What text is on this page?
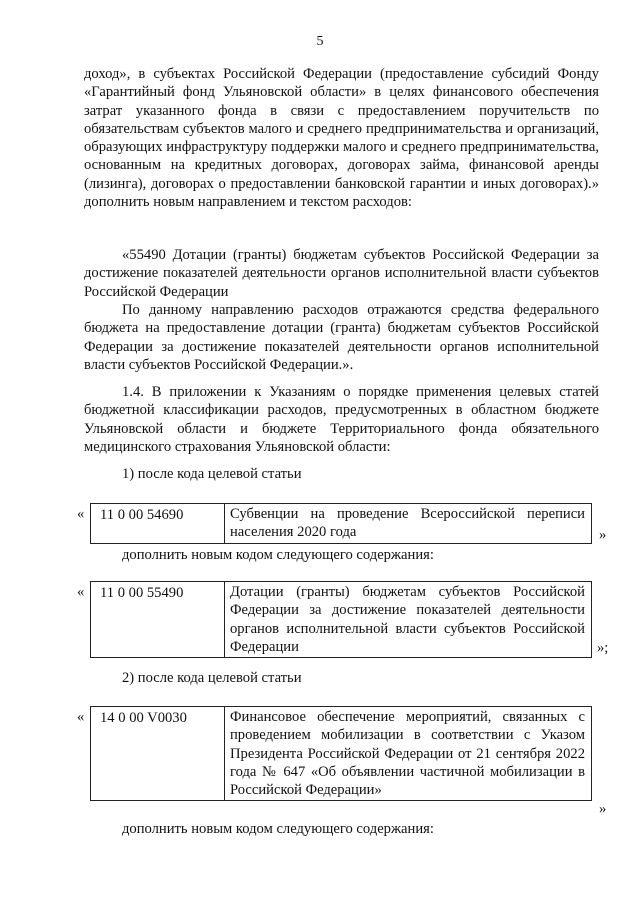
5

доход», в субъектах Российской Федерации (предоставление субсидий Фонду «Гарантийный фонд Ульяновской области» в целях финансового обеспечения затрат указанного фонда в связи с предоставлением поручительств по обязательствам субъектов малого и среднего предпринимательства и организаций, образующих инфраструктуру поддержки малого и среднего предпринимательства, основанным на кредитных договорах, договорах займа, финансовой аренды (лизинга), договорах о предоставлении банковской гарантии и иных договорах).» дополнить новым направлением и текстом расходов:

«55490 Дотации (гранты) бюджетам субъектов Российской Федерации за достижение показателей деятельности органов исполнительной власти субъектов Российской Федерации

По данному направлению расходов отражаются средства федерального бюджета на предоставление дотации (гранта) бюджетам субъектов Российской Федерации за достижение показателей деятельности органов исполнительной власти субъектов Российской Федерации.».

1.4. В приложении к Указаниям о порядке применения целевых статей бюджетной классификации расходов, предусмотренных в областном бюджете Ульяновской области и бюджете Территориального фонда обязательного медицинского страхования Ульяновской области:

1) после кода целевой статьи

«	11 0 00 54690	Субвенции на проведение Всероссийской переписи населения 2020 года	»

дополнить новым кодом следующего содержания:

«	11 0 00 55490	Дотации (гранты) бюджетам субъектов Российской Федерации за достижение показателей деятельности органов исполнительной власти субъектов Российской Федерации	»;

2) после кода целевой статьи

«	14 0 00 V0030	Финансовое обеспечение мероприятий, связанных с проведением мобилизации в соответствии с Указом Президента Российской Федерации от 21 сентября 2022 года № 647 «Об объявлении частичной мобилизации в Российской Федерации»
»

дополнить новым кодом следующего содержания:
